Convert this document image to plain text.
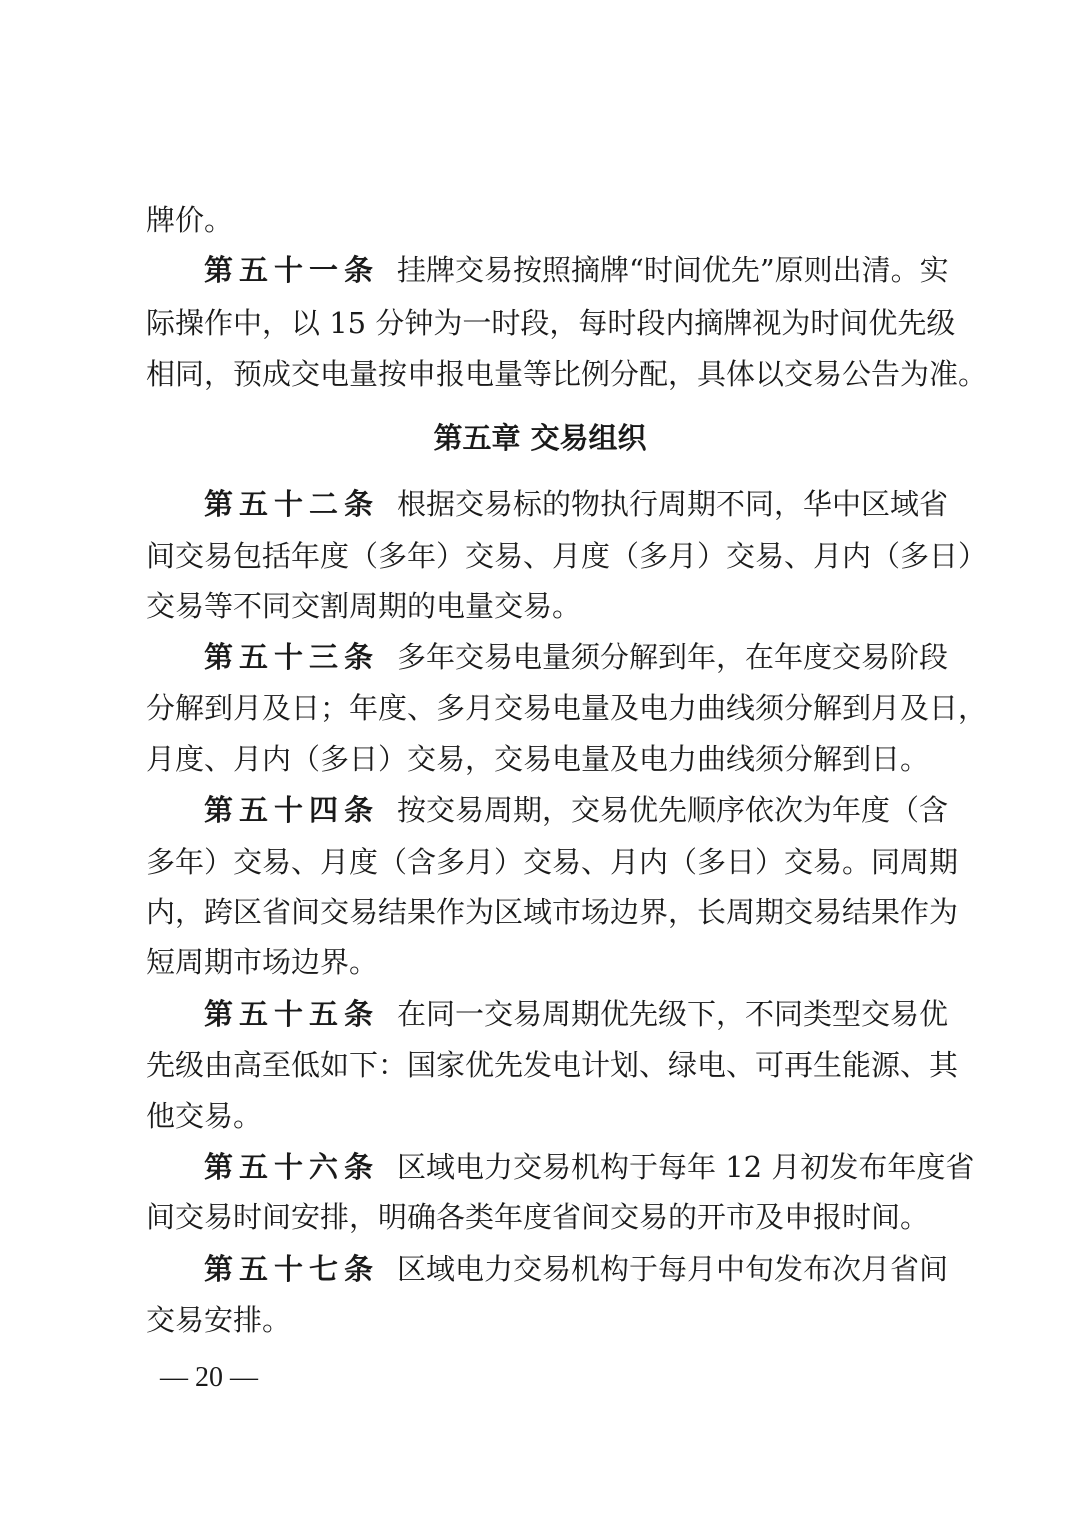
牌价。
第五十一条 挂牌交易按照摘牌“时间优先”原则出清。实
际操作中，以 15 分钟为一时段，每时段内摘牌视为时间优先级
相同，预成交电量按申报电量等比例分配，具体以交易公告为准。
第五章 交易组织
第五十二条 根据交易标的物执行周期不同，华中区域省
间交易包括年度（多年）交易、月度（多月）交易、月内（多日）
交易等不同交割周期的电量交易。
第五十三条 多年交易电量须分解到年，在年度交易阶段
分解到月及日；年度、多月交易电量及电力曲线须分解到月及日，
月度、月内（多日）交易，交易电量及电力曲线须分解到日。
第五十四条 按交易周期，交易优先顺序依次为年度（含
多年）交易、月度（含多月）交易、月内（多日）交易。同周期
内，跨区省间交易结果作为区域市场边界，长周期交易结果作为
短周期市场边界。
第五十五条 在同一交易周期优先级下，不同类型交易优
先级由高至低如下：国家优先发电计划、绿电、可再生能源、其
他交易。
第五十六条 区域电力交易机构于每年 12 月初发布年度省
间交易时间安排，明确各类年度省间交易的开市及申报时间。
第五十七条 区域电力交易机构于每月中旬发布次月省间
交易安排。
— 20 —
